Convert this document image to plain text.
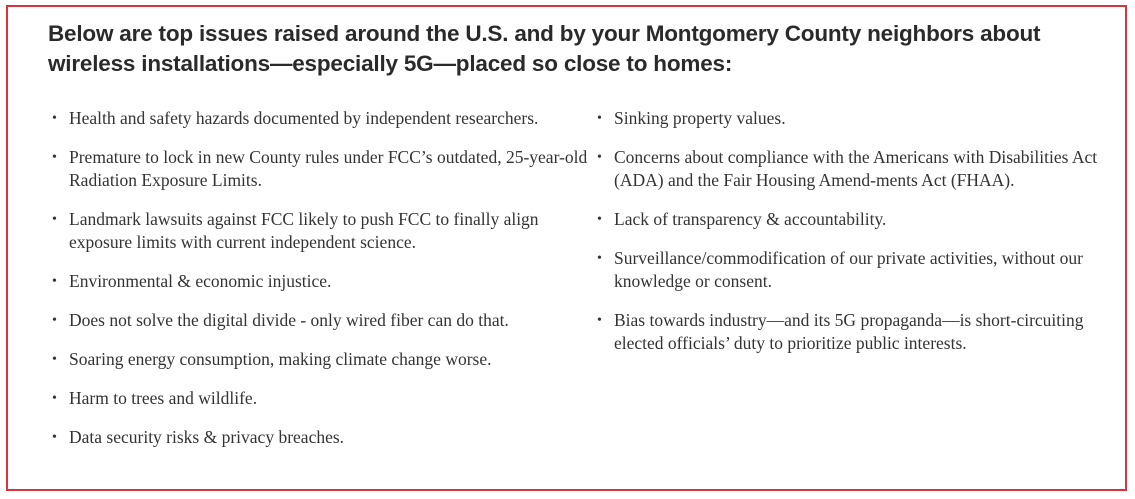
Below are top issues raised around the U.S. and by your Montgomery County neighbors about wireless installations—especially 5G—placed so close to homes:
• Health and safety hazards documented by independent researchers.
• Premature to lock in new County rules under FCC’s outdated, 25-year-old Radiation Exposure Limits.
• Landmark lawsuits against FCC likely to push FCC to finally align exposure limits with current independent science.
• Environmental & economic injustice.
• Does not solve the digital divide - only wired fiber can do that.
• Soaring energy consumption, making climate change worse.
• Harm to trees and wildlife.
• Data security risks & privacy breaches.
• Sinking property values.
• Concerns about compliance with the Americans with Disabilities Act (ADA) and the Fair Housing Amend-ments Act (FHAA).
• Lack of transparency & accountability.
• Surveillance/commodification of our private activities, without our knowledge or consent.
• Bias towards industry—and its 5G propaganda—is short-circuiting elected officials’ duty to prioritize public interests.
